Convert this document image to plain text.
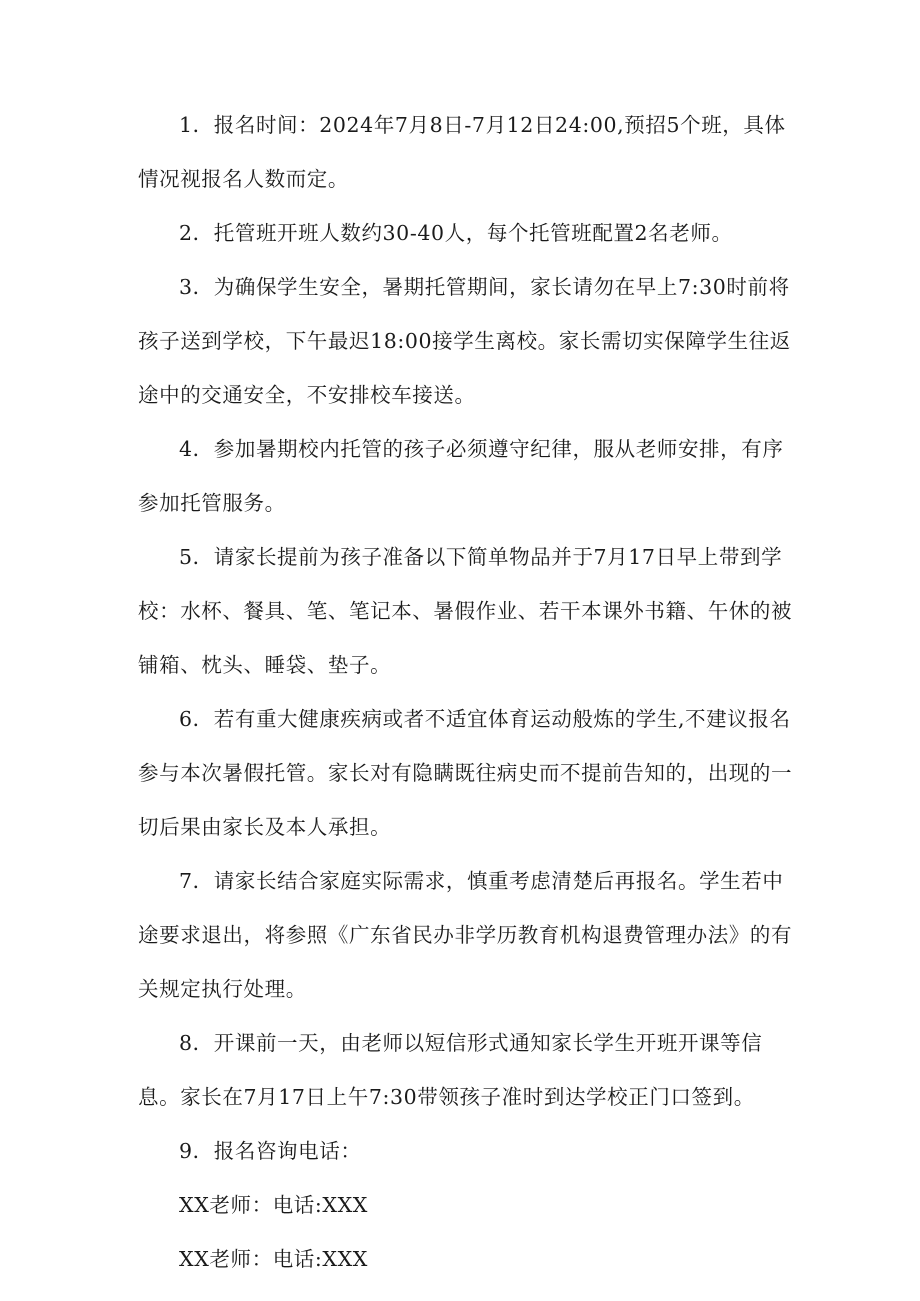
1．报名时间：2024年7月8日-7月12日24:00,预招5个班，具体情况视报名人数而定。

2．托管班开班人数约30-40人，每个托管班配置2名老师。

3．为确保学生安全，暑期托管期间，家长请勿在早上7:30时前将孩子送到学校，下午最迟18:00接学生离校。家长需切实保障学生往返途中的交通安全，不安排校车接送。

4．参加暑期校内托管的孩子必须遵守纪律，服从老师安排，有序参加托管服务。

5．请家长提前为孩子准备以下简单物品并于7月17日早上带到学校：水杯、餐具、笔、笔记本、暑假作业、若干本课外书籍、午休的被铺箱、枕头、睡袋、垫子。

6．若有重大健康疾病或者不适宜体育运动般炼的学生,不建议报名参与本次暑假托管。家长对有隐瞒既往病史而不提前告知的，出现的一切后果由家长及本人承担。

7．请家长结合家庭实际需求，慎重考虑清楚后再报名。学生若中途要求退出，将参照《广东省民办非学历教育机构退费管理办法》的有关规定执行处理。

8．开课前一天，由老师以短信形式通知家长学生开班开课等信息。家长在7月17日上午7:30带领孩子准时到达学校正门口签到。

9．报名咨询电话：

XX老师：电话:XXX

XX老师：电话:XXX
